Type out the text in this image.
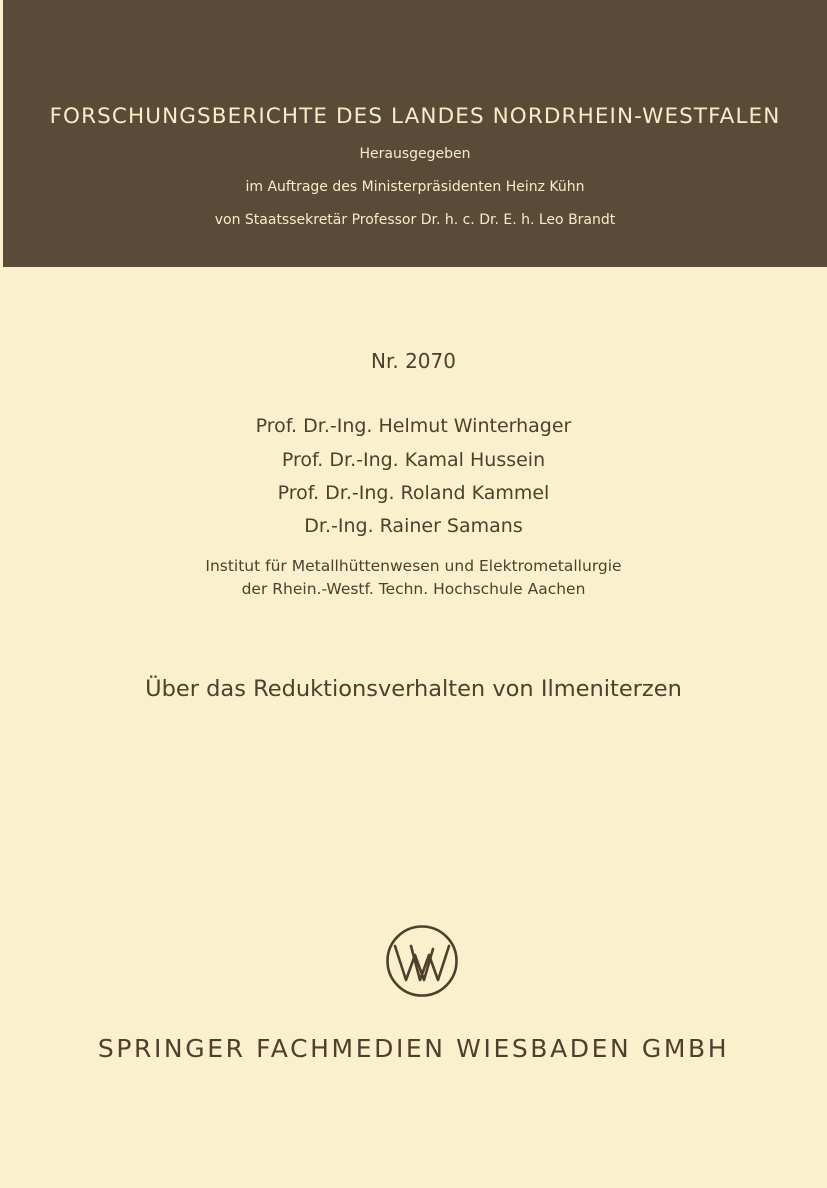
FORSCHUNGSBERICHTE DES LANDES NORDRHEIN-WESTFALEN
Herausgegeben
im Auftrage des Ministerpräsidenten Heinz Kühn
von Staatssekretär Professor Dr. h. c. Dr. E. h. Leo Brandt
Nr. 2070
Prof. Dr.-Ing. Helmut Winterhager
Prof. Dr.-Ing. Kamal Hussein
Prof. Dr.-Ing. Roland Kammel
Dr.-Ing. Rainer Samans
Institut für Metallhüttenwesen und Elektrometallurgie
der Rhein.-Westf. Techn. Hochschule Aachen
Über das Reduktionsverhalten von Ilmeniterzen
SPRINGER FACHMEDIEN WIESBADEN GMBH
